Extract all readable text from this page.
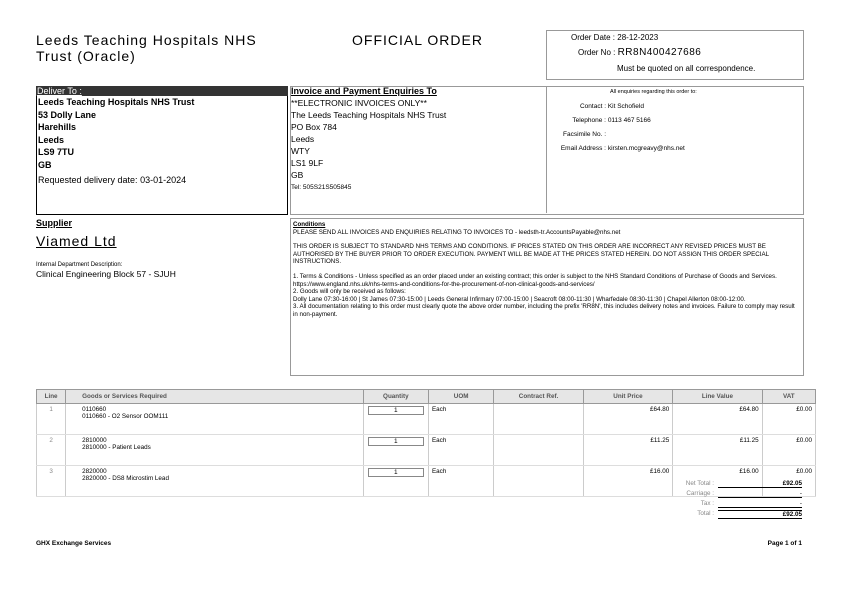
Leeds Teaching Hospitals NHS
Trust (Oracle)
OFFICIAL ORDER	Order Date : 28-12-2023
Order No : RR8N400427686
Must be quoted on all correspondence.
Deliver To :
Leeds Teaching Hospitals NHS Trust
53 Dolly Lane
Harehills
Leeds
LS9 7TU
GB
Requested delivery date: 03-01-2024
Invoice and Payment Enquiries To
**ELECTRONIC INVOICES ONLY**
The Leeds Teaching Hospitals NHS Trust
PO Box 784
Leeds
WTY
LS1 9LF
GB
Tel: 505S21S505845
All enquiries regarding this order to:
Contact : Kit Schofield
Telephone : 0113 467 5166
Facsimile No. :
Email Address : kirsten.mcgreavy@nhs.net
Supplier
Viamed Ltd
Internal Department Description:
Clinical Engineering Block 57 - SJUH
Conditions
PLEASE SEND ALL INVOICES AND ENQUIRIES RELATING TO INVOICES TO - leedsth-tr.AccountsPayable@nhs.net
THIS ORDER IS SUBJECT TO STANDARD NHS TERMS AND CONDITIONS. IF PRICES STATED ON THIS ORDER ARE INCORRECT ANY REVISED PRICES MUST BE AUTHORISED BY THE BUYER PRIOR TO ORDER EXECUTION. PAYMENT WILL BE MADE AT THE PRICES STATED HEREIN. DO NOT ASSIGN THIS ORDER SPECIAL INSTRUCTIONS.
1. Terms & Conditions - Unless specified as an order placed under an existing contract; this order is subject to the NHS Standard Conditions of Purchase of Goods and Services.
https://www.england.nhs.uk/nhs-terms-and-conditions-for-the-procurement-of-non-clinical-goods-and-services/
2. Goods will only be received as follows:
Dolly Lane 07:30-16:00 | St James 07:30-15:00 | Leeds General Infirmary 07:00-15:00 | Seacroft 08:00-11:30 | Wharfedale 08:30-11:30 | Chapel Allerton 08:00-12:00.
3. All documentation relating to this order must clearly quote the above order number, including the prefix 'RR8N', this includes delivery notes and invoices. Failure to comply may result in non-payment.
Line	Goods or Services Required	Quantity	UOM	Contract Ref.	Unit Price	Line Value	VAT
1	0110660
0110660 - O2 Sensor OOM111	1	Each		£64.80	£64.80	£0.00
2	2810000
2810000 - Patient Leads	1	Each		£11.25	£11.25	£0.00
3	2820000
2820000 - DS8 Microstim Lead	1	Each		£16.00	£16.00	£0.00
Net Total :	£92.05
Carriage :	-
Tax :	-
Total :	£92.05
GHX Exchange Services	Page 1 of 1
